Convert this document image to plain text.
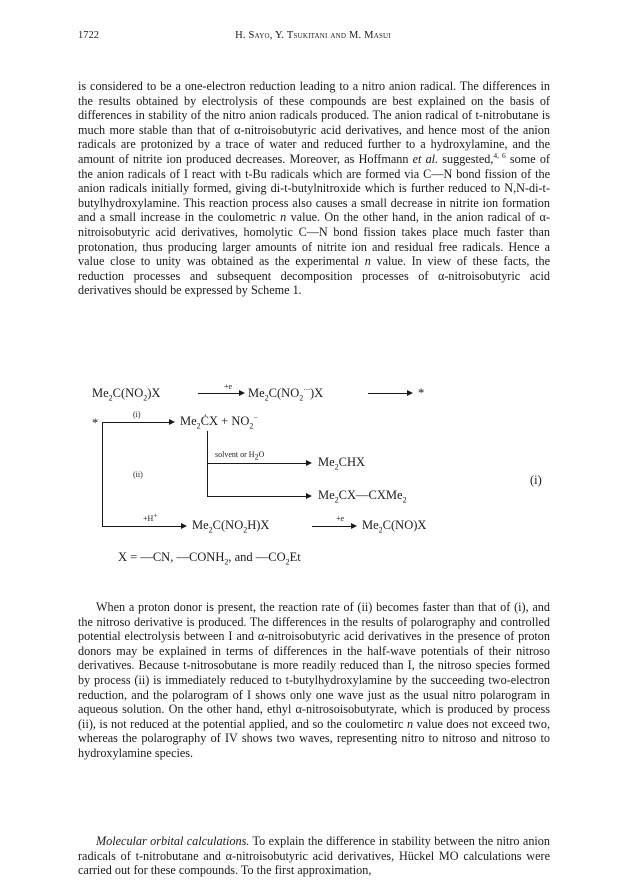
1722	H. Sayo, Y. Tsukitani and M. Masui

is considered to be a one-electron reduction leading to a nitro anion radical. The differences in the results obtained by electrolysis of these compounds are best explained on the basis of differences in stability of the nitro anion radicals produced. The anion radical of t-nitrobutane is much more stable than that of α-nitroisobutyric acid derivatives, and hence most of the anion radicals are protonized by a trace of water and reduced further to a hydroxylamine, and the amount of nitrite ion produced decreases. Moreover, as Hoffmann et al. suggested,$^{4, 6}$ some of the anion radicals of I react with t-Bu radicals which are formed via C—N bond fission of the anion radicals initially formed, giving di-t-butylnitroxide which is further reduced to N,N-di-t-butylhydroxylamine. This reaction process also causes a small decrease in nitrite ion formation and a small increase in the coulometric n value. On the other hand, in the anion radical of α-nitroisobutyric acid derivatives, homolytic C—N bond fission takes place much faster than protonation, thus producing larger amounts of nitrite ion and residual free radicals. Hence a value close to unity was obtained as the experimental n value. In view of these facts, the reduction processes and subsequent decomposition processes of α-nitroisobutyric acid derivatives should be expressed by Scheme 1.

$Me_2C(NO_2)X$	+e $Me_2C(NO_2^{\cdot-})X$	*
*
(i)	$Me_2ĊX + NO_2^-$
(ii)
solvent or $H_2O$
$Me_2CHX$
$Me_2CX—CXMe_2$
(i)
+H+
$Me_2C(NO_2H)X$	+e $Me_2C(NO)X$
X = —CN, $—CONH_2$, and $—CO_2Et$

When a proton donor is present, the reaction rate of (ii) becomes faster than that of (i), and the nitroso derivative is produced. The differences in the results of polarography and controlled potential electrolysis between I and α-nitroisobutyric acid derivatives in the presence of proton donors may be explained in terms of differences in the half-wave potentials of their nitroso derivatives. Because t-nitrosobutane is more readily reduced than I, the nitroso species formed by process (ii) is immediately reduced to t-butylhydroxylamine by the succeeding two-electron reduction, and the polarogram of I shows only one wave just as the usual nitro polarogram in aqueous solution. On the other hand, ethyl α-nitrosoisobutyrate, which is produced by process (ii), is not reduced at the potential applied, and so the coulometirc n value does not exceed two, whereas the polarography of IV shows two waves, representing nitro to nitroso and nitroso to hydroxylamine species.

Molecular orbital calculations. To explain the difference in stability between the nitro anion radicals of t-nitrobutane and α-nitroisobutyric acid derivatives, Hückel MO calculations were carried out for these compounds. To the first approximation,
